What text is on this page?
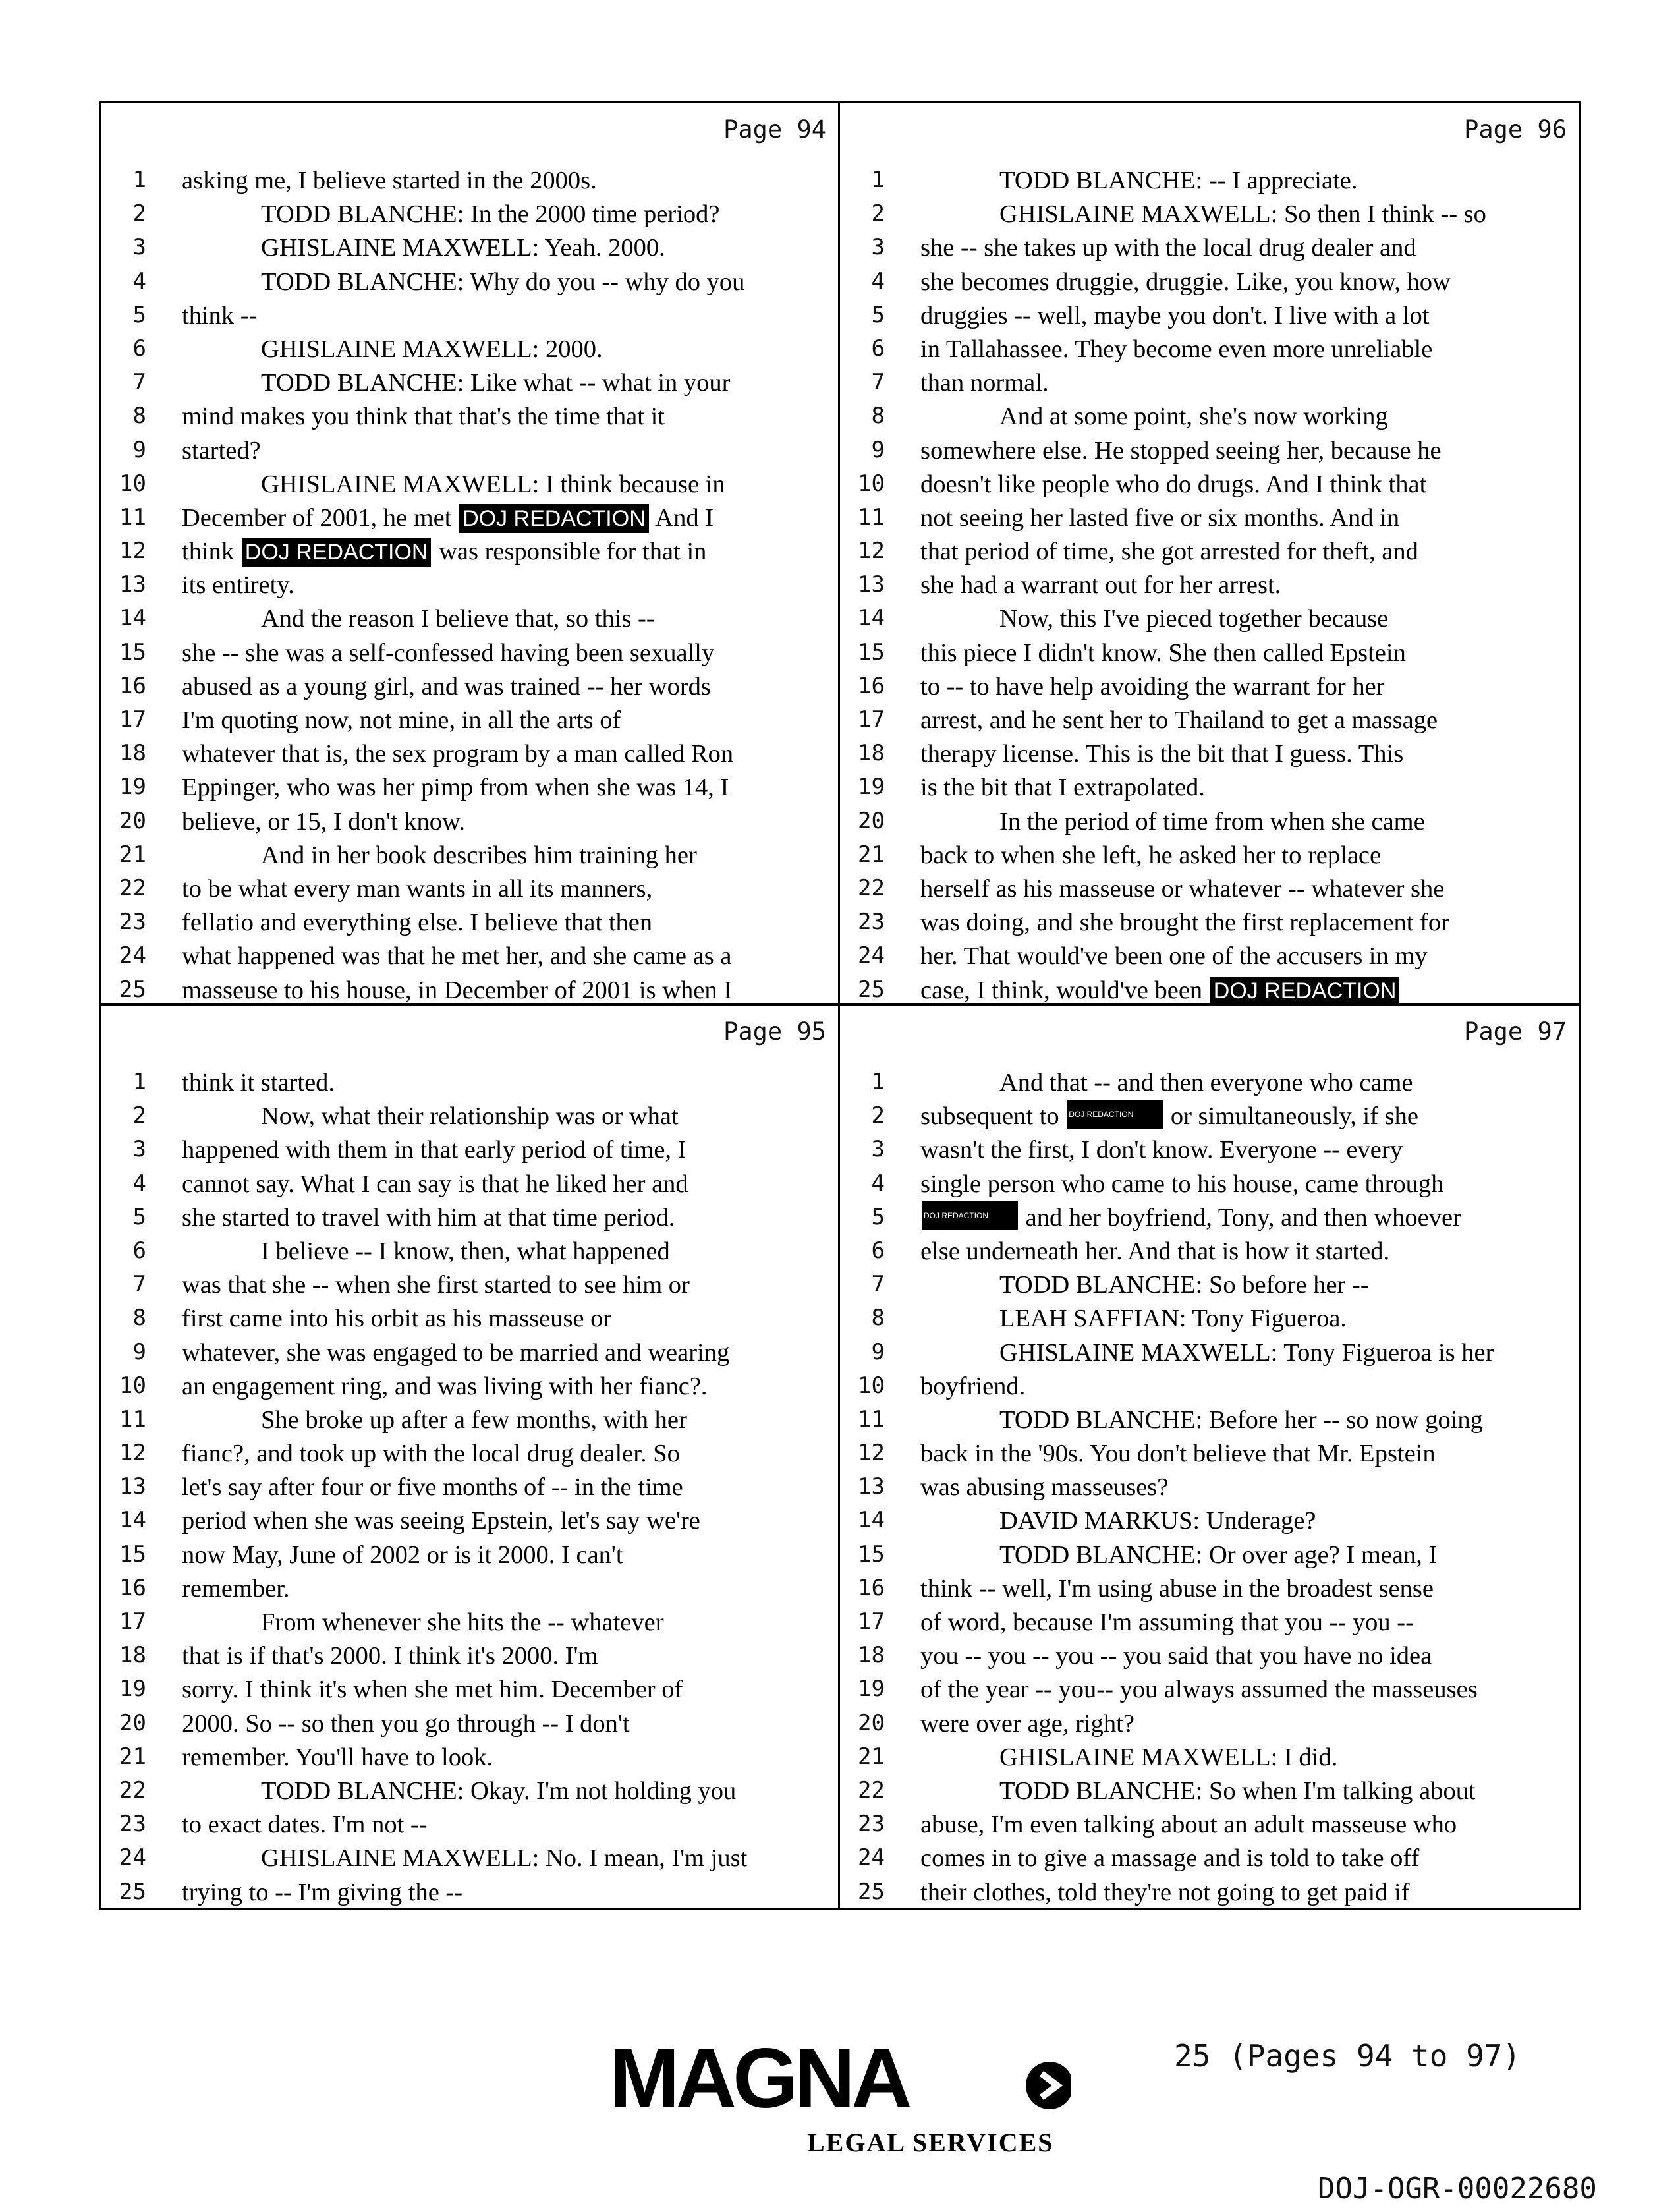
Page 94
1 asking me, I believe started in the 2000s.
2	TODD BLANCHE: In the 2000 time period?
3	GHISLAINE MAXWELL: Yeah. 2000.
4	TODD BLANCHE: Why do you -- why do you
5 think --
6	GHISLAINE MAXWELL: 2000.
7	TODD BLANCHE: Like what -- what in your
8 mind makes you think that that's the time that it
9 started?
10	GHISLAINE MAXWELL: I think because in
11 December of 2001, he met DOJ REDACTION And I
12 think DOJ REDACTION was responsible for that in
13 its entirety.
14	And the reason I believe that, so this --
15 she -- she was a self-confessed having been sexually
16 abused as a young girl, and was trained -- her words
17 I'm quoting now, not mine, in all the arts of
18 whatever that is, the sex program by a man called Ron
19 Eppinger, who was her pimp from when she was 14, I
20 believe, or 15, I don't know.
21	And in her book describes him training her
22 to be what every man wants in all its manners,
23 fellatio and everything else. I believe that then
24 what happened was that he met her, and she came as a
25 masseuse to his house, in December of 2001 is when I
Page 96
1	TODD BLANCHE: -- I appreciate.
2	GHISLAINE MAXWELL: So then I think -- so
3 she -- she takes up with the local drug dealer and
4 she becomes druggie, druggie. Like, you know, how
5 druggies -- well, maybe you don't. I live with a lot
6 in Tallahassee. They become even more unreliable
7 than normal.
8	And at some point, she's now working
9 somewhere else. He stopped seeing her, because he
10 doesn't like people who do drugs. And I think that
11 not seeing her lasted five or six months. And in
12 that period of time, she got arrested for theft, and
13 she had a warrant out for her arrest.
14	Now, this I've pieced together because
15 this piece I didn't know. She then called Epstein
16 to -- to have help avoiding the warrant for her
17 arrest, and he sent her to Thailand to get a massage
18 therapy license. This is the bit that I guess. This
19 is the bit that I extrapolated.
20	In the period of time from when she came
21 back to when she left, he asked her to replace
22 herself as his masseuse or whatever -- whatever she
23 was doing, and she brought the first replacement for
24 her. That would've been one of the accusers in my
25 case, I think, would've been DOJ REDACTION
Page 95
1 think it started.
2	Now, what their relationship was or what
3 happened with them in that early period of time, I
4 cannot say. What I can say is that he liked her and
5 she started to travel with him at that time period.
6	I believe -- I know, then, what happened
7 was that she -- when she first started to see him or
8 first came into his orbit as his masseuse or
9 whatever, she was engaged to be married and wearing
10 an engagement ring, and was living with her fianc?.
11	She broke up after a few months, with her
12 fianc?, and took up with the local drug dealer. So
13 let's say after four or five months of -- in the time
14 period when she was seeing Epstein, let's say we're
15 now May, June of 2002 or is it 2000. I can't
16 remember.
17	From whenever she hits the -- whatever
18 that is if that's 2000. I think it's 2000. I'm
19 sorry. I think it's when she met him. December of
20 2000. So -- so then you go through -- I don't
21 remember. You'll have to look.
22	TODD BLANCHE: Okay. I'm not holding you
23 to exact dates. I'm not --
24	GHISLAINE MAXWELL: No. I mean, I'm just
25 trying to -- I'm giving the --
Page 97
1	And that -- and then everyone who came
2 subsequent to DOJ REDACTION or simultaneously, if she
3 wasn't the first, I don't know. Everyone -- every
4 single person who came to his house, came through
5	DOJ REDACTION and her boyfriend, Tony, and then whoever
6 else underneath her. And that is how it started.
7	TODD BLANCHE: So before her --
8	LEAH SAFFIAN: Tony Figueroa.
9	GHISLAINE MAXWELL: Tony Figueroa is her
10 boyfriend.
11	TODD BLANCHE: Before her -- so now going
12 back in the '90s. You don't believe that Mr. Epstein
13 was abusing masseuses?
14	DAVID MARKUS: Underage?
15	TODD BLANCHE: Or over age? I mean, I
16 think -- well, I'm using abuse in the broadest sense
17 of word, because I'm assuming that you -- you --
18 you -- you -- you -- you said that you have no idea
19 of the year -- you-- you always assumed the masseuses
20 were over age, right?
21	GHISLAINE MAXWELL: I did.
22	TODD BLANCHE: So when I'm talking about
23 abuse, I'm even talking about an adult masseuse who
24 comes in to give a massage and is told to take off
25 their clothes, told they're not going to get paid if
MAGNA
LEGAL SERVICES
25 (Pages 94 to 97)
DOJ-OGR-00022680
